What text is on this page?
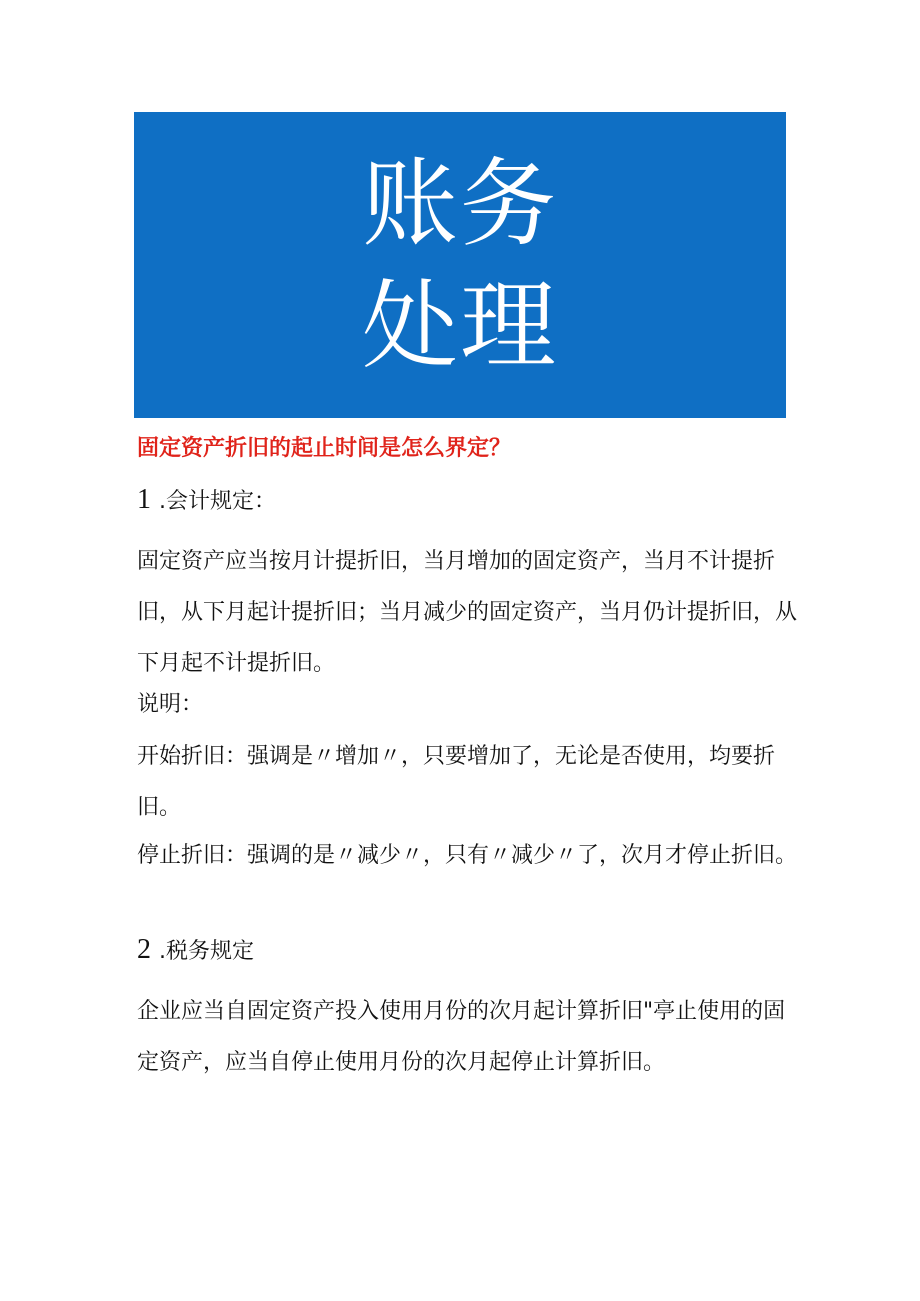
账务
处理
固定资产折旧的起止时间是怎么界定？
1 .会计规定：
固定资产应当按月计提折旧，当月增加的固定资产，当月不计提折旧，从下月起计提折旧；当月减少的固定资产，当月仍计提折旧，从下月起不计提折旧。
说明：
开始折旧：强调是〃增加〃，只要增加了，无论是否使用，均要折旧。
停止折旧：强调的是〃减少〃，只有〃减少〃了，次月才停止折旧。
2 .税务规定
企业应当自固定资产投入使用月份的次月起计算折旧"亭止使用的固定资产，应当自停止使用月份的次月起停止计算折旧。
